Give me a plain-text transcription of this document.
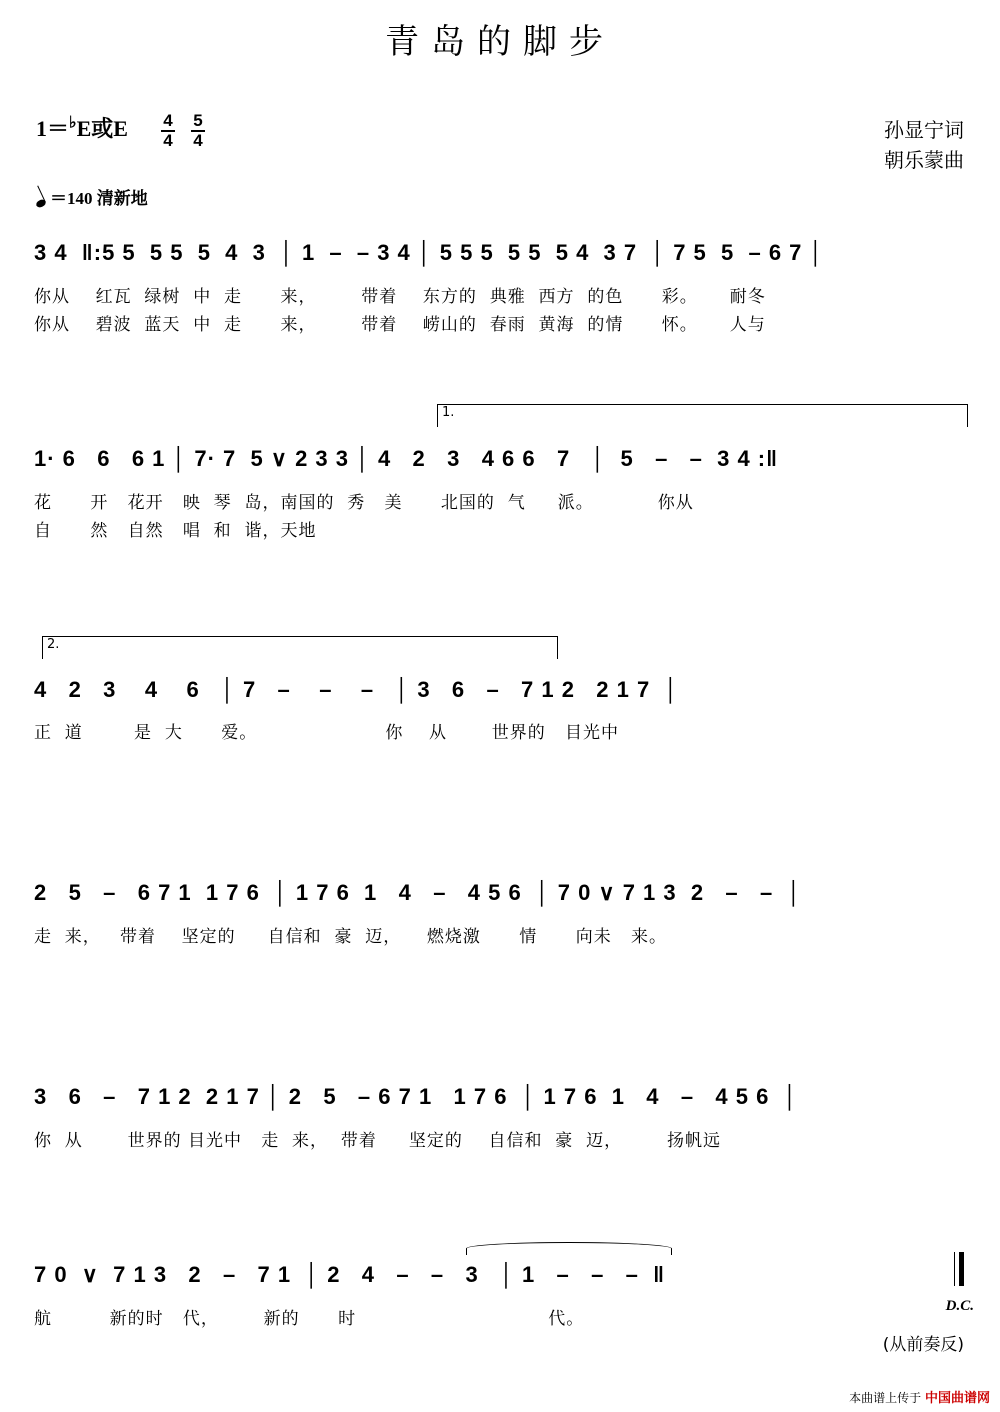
青岛的脚步
1＝♭E或E 4
4
5
4	孙显宁词
朝乐蒙曲
＝140 清新地
3 4  ‖:5 5  5 5  5  4  3  │ 1  –  – 3 4 │ 5 5 5  5 5  5 4  3 7  │ 7 5  5  – 6 7 │
你从    红瓦  绿树  中  走      来，       带着    东方的  典雅  西方  的色      彩。     耐冬
你从    碧波  蓝天  中  走      来，       带着    崂山的  春雨  黄海  的情      怀。     人与
1.
1· 6   6   6 1 │ 7· 7  5 ∨ 2 3 3 │ 4   2   3   4 6 6   7   │  5   –   –  3 4 :‖
花      开   花开   映  琴  岛，南国的  秀   美      北国的  气     派。          你从
自      然   自然   唱  和  谐，天地
2.
4   2   3    4    6   │ 7   –    –    –   │ 3   6   –   7 1 2   2 1 7  │
正  道        是  大      爱。                    你    从       世界的   目光中
2   5   –   6 7 1  1 7 6  │ 1 7 6  1   4   –   4 5 6  │ 7 0 ∨ 7 1 3  2   –   –  │
走  来，   带着    坚定的     自信和  豪  迈，    燃烧激      情      向未   来。
3   6   –   7 1 2  2 1 7 │ 2   5   – 6 7 1   1 7 6  │ 1 7 6  1   4   –   4 5 6  │
你  从       世界的 目光中   走  来，  带着     坚定的    自信和  豪  迈，       扬帆远
7 0  ∨  7 1 3   2   –   7 1  │ 2   4   –   –   3   │ 1   –   –   –  ‖
航         新的时   代，       新的      时                              代。
D.C.
(从前奏反)
本曲谱上传于 中国曲谱网
